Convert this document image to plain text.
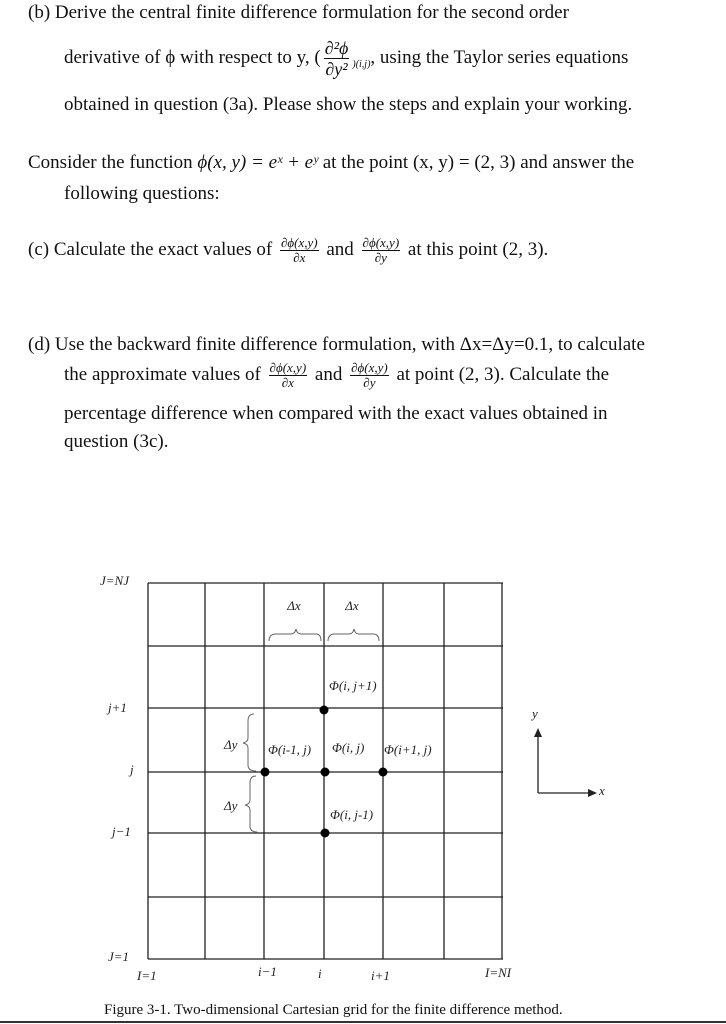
(b) Derive the central finite difference formulation for the second order
derivative of ϕ with respect to y, ( $\frac{\text{∂²ϕ}}{\text{∂y²}} _{)(i,j)}$, using the Taylor series equations
obtained in question (3a). Please show the steps and explain your working.
Consider the function ϕ(x, y) = eˣ + eʸ at the point (x, y) = (2, 3) and answer the
following questions:
(c) Calculate the exact values of $\frac{\partial\phi(x,y)}{\partial x}$ and $\frac{\partial\phi(x,y)}{\partial y}$ at this point (2, 3).
(d) Use the backward finite difference formulation, with Δx=Δy=0.1, to calculate
the approximate values of $\frac{\partial\phi(x,y)}{\partial x}$ and $\frac{\partial\phi(x,y)}{\partial y}$ at point (2, 3). Calculate the
percentage difference when compared with the exact values obtained in
question (3c).
Δx	Δx
Δy
Δy
Φ(i, j+1)
Φ(i-1, j) Φ(i, j) Φ(i+1, j)
Φ(i, j-1)
J=NJ
j+1
j
j−1
J=1
I=1	i−1	i	i+1	I=NI
y
x
Figure 3-1. Two-dimensional Cartesian grid for the finite difference method.
